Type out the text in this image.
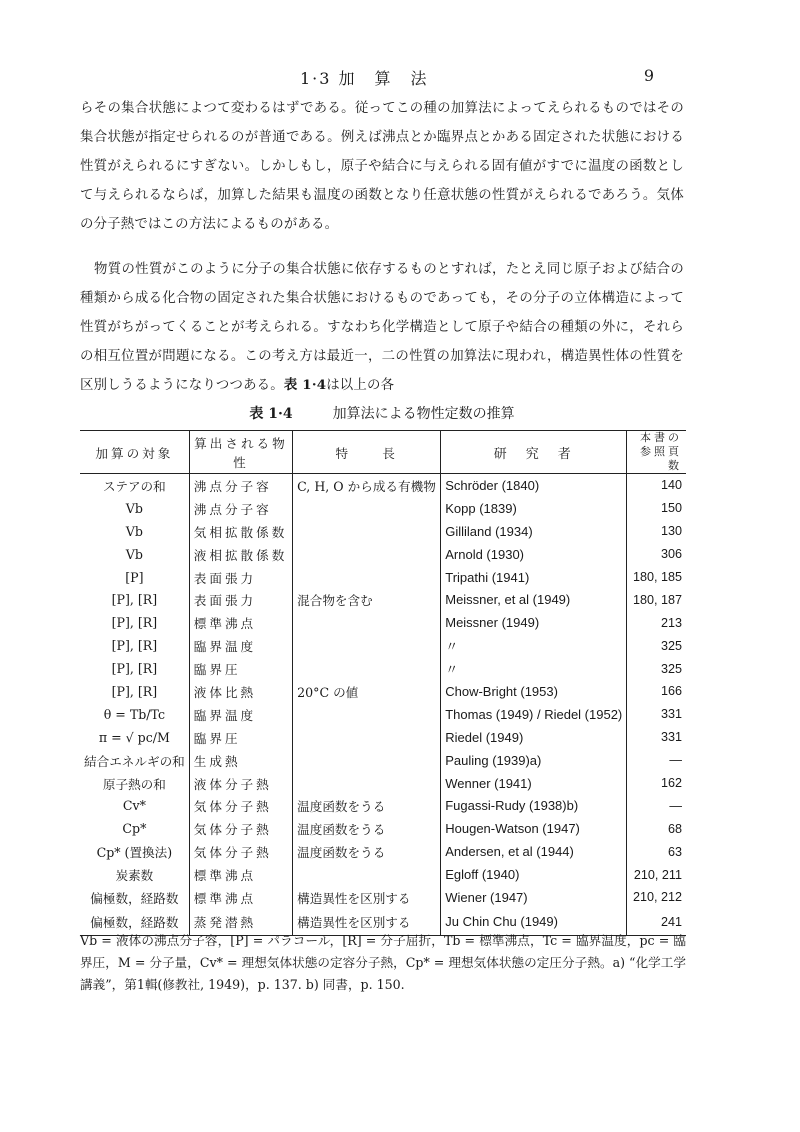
1·3 加　算　法	9

らその集合状態によつて変わるはずである。従ってこの種の加算法によってえられるものではその集合状態が指定せられるのが普通である。例えば沸点とか臨界点とかある固定された状態における性質がえられるにすぎない。しかしもし，原子や結合に与えられる固有値がすでに温度の函数として与えられるならば，加算した結果も温度の函数となり任意状態の性質がえられるであろう。気体の分子熱ではこの方法によるものがある。

物質の性質がこのように分子の集合状態に依存するものとすれば，たとえ同じ原子および結合の種類から成る化合物の固定された集合状態におけるものであっても，その分子の立体構造によって性質がちがってくることが考えられる。すなわち化学構造として原子や結合の種類の外に，それらの相互位置が問題になる。この考え方は最近一，二の性質の加算法に現われ，構造異性体の性質を区別しうるようになりつつある。表 1·4は以上の各

表 1·4	加算法による物性定数の推算
加算の対象	算出される物　性	特　　長	研　究　者	本書の参照頁数
ステアの和	沸点分子容	C, H, O から成る有機物	Schröder (1840)	140
Vb	沸点分子容		Kopp (1839)	150
Vb	気相拡散係数		Gilliland (1934)	130
Vb	液相拡散係数		Arnold (1930)	306
[P]	表面張力		Tripathi (1941)	180, 185
[P], [R]	表面張力	混合物を含む	Meissner, et al (1949)	180, 187
[P], [R]	標準沸点		Meissner (1949)	213
[P], [R]	臨界温度		〃	325
[P], [R]	臨界圧		〃	325
[P], [R]	液体比熱	20°C の値	Chow-Bright (1953)	166
θ = Tb/Tc	臨界温度		Thomas (1949) / Riedel (1952)	331
π = √ pc/M	臨界圧		Riedel (1949)	331
結合エネルギの和	生成熱		Pauling (1939)a)	—
原子熱の和	液体分子熱		Wenner (1941)	162
Cv*	気体分子熱	温度函数をうる	Fugassi-Rudy (1938)b)	—
Cp*	気体分子熱	温度函数をうる	Hougen-Watson (1947)	68
Cp* (置換法)	気体分子熱	温度函数をうる	Andersen, et al (1944)	63
炭素数	標準沸点		Egloff (1940)	210, 211
偏極数，経路数	標準沸点	構造異性を区別する	Wiener (1947)	210, 212
偏極数，経路数	蒸発潜熱	構造異性を区別する	Ju Chin Chu (1949)	241
Vb = 液体の沸点分子容，[P] = パラコール，[R] = 分子屈折，Tb = 標準沸点，Tc = 臨界温度，pc = 臨界圧，M = 分子量，Cv* = 理想気体状態の定容分子熱，Cp* = 理想気体状態の定圧分子熱。a) “化学工学講義”，第1輯(修教社, 1949)，p. 137. b) 同書，p. 150.
